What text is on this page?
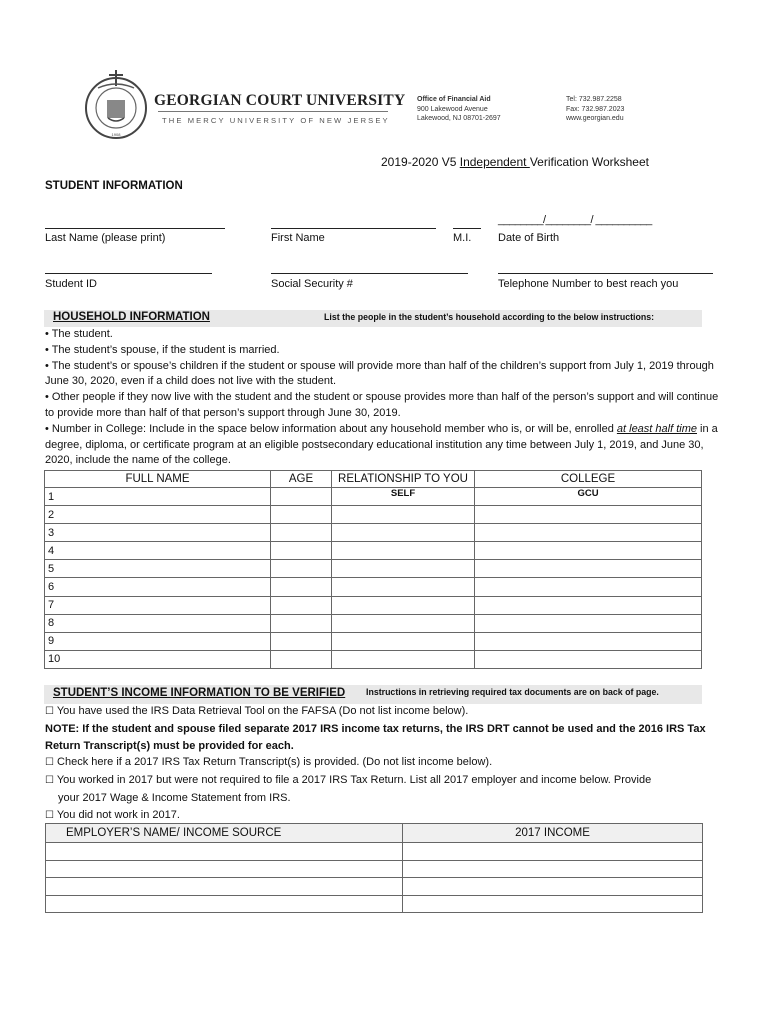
1908
GEORGIAN COURT UNIVERSITY
THE MERCY UNIVERSITY OF NEW JERSEY
Office of Financial Aid
900 Lakewood Avenue
Lakewood, NJ 08701-2697
Tel: 732.987.2258
Fax: 732.987.2023
www.georgian.edu
2019-2020 V5 Independent Verification Worksheet
STUDENT INFORMATION
________/________/ __________
Last Name (please print)	First Name	M.I. Date of Birth
Student ID	Social Security #	Telephone Number to best reach you
HOUSEHOLD INFORMATION	List the people in the student’s household according to the below instructions:

• The student.

• The student’s spouse, if the student is married.

• The student’s or spouse’s children if the student or spouse will provide more than half of the children’s support from July 1, 2019 through June 30, 2020, even if a child does not live with the student.

• Other people if they now live with the student and the student or spouse provides more than half of the person’s support and will continue to provide more than half of that person’s support through June 30, 2019.

• Number in College: Include in the space below information about any household member who is, or will be, enrolled at least half time in a degree, diploma, or certificate program at an eligible postsecondary educational institution any time between July 1, 2019, and June 30, 2020, include the name of the college.

FULL NAME	AGE	RELATIONSHIP TO YOU	COLLEGE
1		SELF	GCU
2			
3			
4			
5			
6			
7			
8			
9			
10			
STUDENT’S INCOME INFORMATION TO BE VERIFIED Instructions in retrieving required tax documents are on back of page.

☐ You have used the IRS Data Retrieval Tool on the FAFSA (Do not list income below).

NOTE: If the student and spouse filed separate 2017 IRS income tax returns, the IRS DRT cannot be used and the 2016 IRS Tax Return Transcript(s) must be provided for each.

☐ Check here if a 2017 IRS Tax Return Transcript(s) is provided. (Do not list income below).

☐ You worked in 2017 but were not required to file a 2017 IRS Tax Return. List all 2017 employer and income below. Provide

your 2017 Wage & Income Statement from IRS.

☐ You did not work in 2017.

EMPLOYER’S NAME/ INCOME SOURCE	2017 INCOME
